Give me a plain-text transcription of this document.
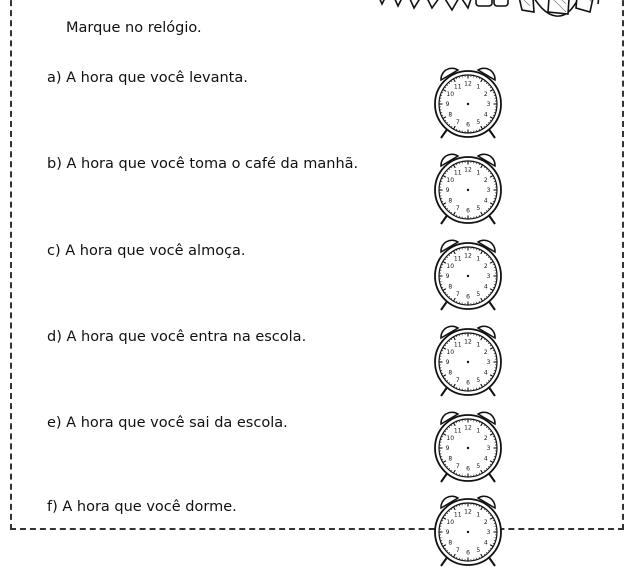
Marque no relógio.
a) A hora que você levanta.
b) A hora que você toma o café da manhã.
c) A hora que você almoça.
d) A hora que você entra na escola.
e) A hora que você sai da escola.
f) A hora que você dorme.
12 1
2
3
4
5
6
7
8
9
10
11
12 1
2
3
4
5
6
7
8
9
10
11
12 1
2
3
4
5
6
7
8
9
10
11
12 1
2
3
4
5
6
7
8
9
10
11
12 1
2
3
4
5
6
7
8
9
10
11
12 1
2
3
4
5
6
7
8
9
10
11
